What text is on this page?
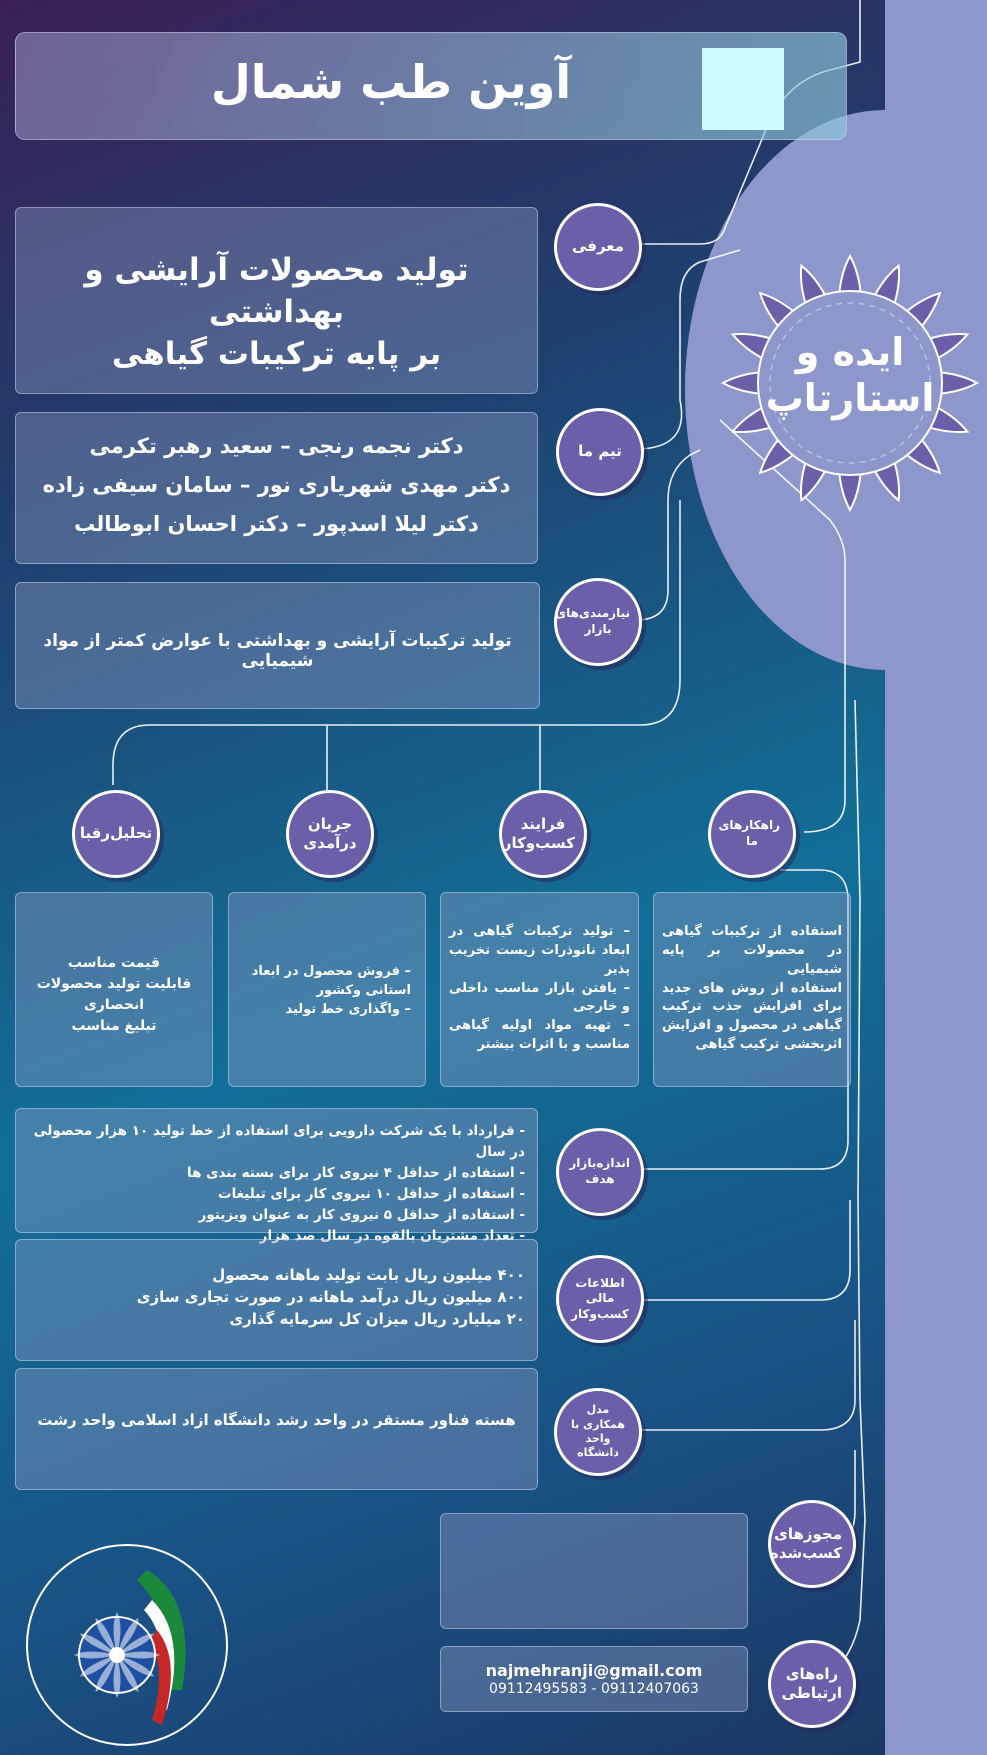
ایده و
استارتاپ
آوین طب شمال
تولید محصولات آرایشی و بهداشتی
بر پایه ترکیبات گیاهی
معرفی
دکتر نجمه رنجی – سعید رهبر تکرمی
دکتر مهدی شهریاری نور – سامان سیفی زاده
دکتر لیلا اسدپور – دکتر احسان ابوطالب
تیم ما
تولید ترکیبات آرایشی و بهداشتی با عوارض کمتر از مواد شیمیایی
نیازمندی‌های بازار
تحلیل‌رقبا
جریان درآمدی
فرایند کسب‌وکار
راهکارهای ما
قیمت مناسب
قابلیت تولید محصولات انحصاری
تبلیغ مناسب
– فروش محصول در ابعاد استانی وکشور
– واگذاری خط تولید
– تولید ترکیبات گیاهی در ابعاد نانوذرات زیست تخریب پذیر
– یافتن بازار مناسب داخلی و خارجی
– تهیه مواد اولیه گیاهی مناسب و با اثرات بیشتر
استفاده از ترکیبات گیاهی در محصولات بر پایه شیمیایی
استفاده از روش های جدید برای افزایش جذب ترکیب گیاهی در محصول و افزایش اثربخشی ترکیب گیاهی
- قرارداد با یک شرکت دارویی برای استفاده از خط تولید ۱۰ هزار محصولی در سال
- استفاده از حداقل ۴ نیروی کار برای بسته بندی ها
- استفاده از حداقل ۱۰ نیروی کار برای تبلیغات
- استفاده از حداقل ۵ نیروی کار به عنوان ویزیتور
- تعداد مشتریان بالقوه در سال صد هزار
اندازه‌بازار هدف
۴۰۰ میلیون ریال بابت تولید ماهانه محصول
۸۰۰ میلیون ریال درآمد ماهانه در صورت تجاری سازی
۲۰ میلیارد ریال میزان کل سرمایه گذاری
اطلاعات مالی کسب‌وکار
هسته فناور مستقر در واحد رشد دانشگاه ازاد اسلامی واحد رشت
مدل همکاری با واحد دانشگاه
مجوزهای کسب‌شده
najmehranji@gmail.com
09112495583 - 09112407063
راه‌های ارتباطی
